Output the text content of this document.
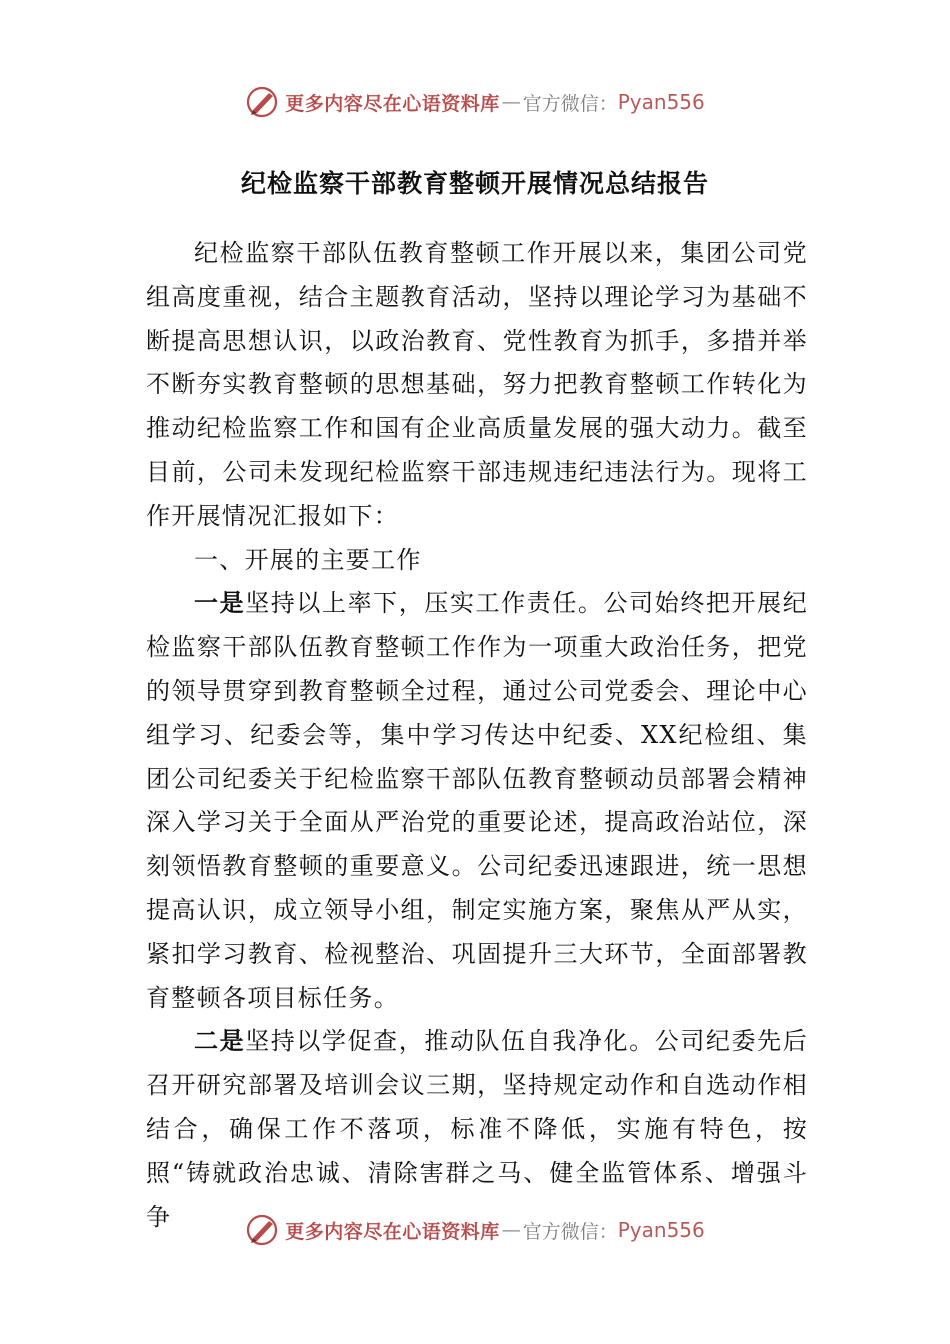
更多内容尽在心语资料库 — 官方微信： Pyan556
纪检监察干部教育整顿开展情况总结报告

纪检监察干部队伍教育整顿工作开展以来，集团公司党组高度重视，结合主题教育活动，坚持以理论学习为基础不断提高思想认识，以政治教育、党性教育为抓手，多措并举不断夯实教育整顿的思想基础，努力把教育整顿工作转化为推动纪检监察工作和国有企业高质量发展的强大动力。截至目前，公司未发现纪检监察干部违规违纪违法行为。现将工作开展情况汇报如下：

一、开展的主要工作

一是坚持以上率下，压实工作责任。公司始终把开展纪检监察干部队伍教育整顿工作作为一项重大政治任务，把党的领导贯穿到教育整顿全过程，通过公司党委会、理论中心组学习、纪委会等，集中学习传达中纪委、XX纪检组、集团公司纪委关于纪检监察干部队伍教育整顿动员部署会精神深入学习关于全面从严治党的重要论述，提高政治站位，深刻领悟教育整顿的重要意义。公司纪委迅速跟进，统一思想提高认识，成立领导小组，制定实施方案，聚焦从严从实，紧扣学习教育、检视整治、巩固提升三大环节，全面部署教育整顿各项目标任务。

二是坚持以学促查，推动队伍自我净化。公司纪委先后召开研究部署及培训会议三期，坚持规定动作和自选动作相结合，确保工作不落项，标准不降低，实施有特色，按照“铸就政治忠诚、清除害群之马、健全监管体系、增强斗争

更多内容尽在心语资料库 — 官方微信： Pyan556
